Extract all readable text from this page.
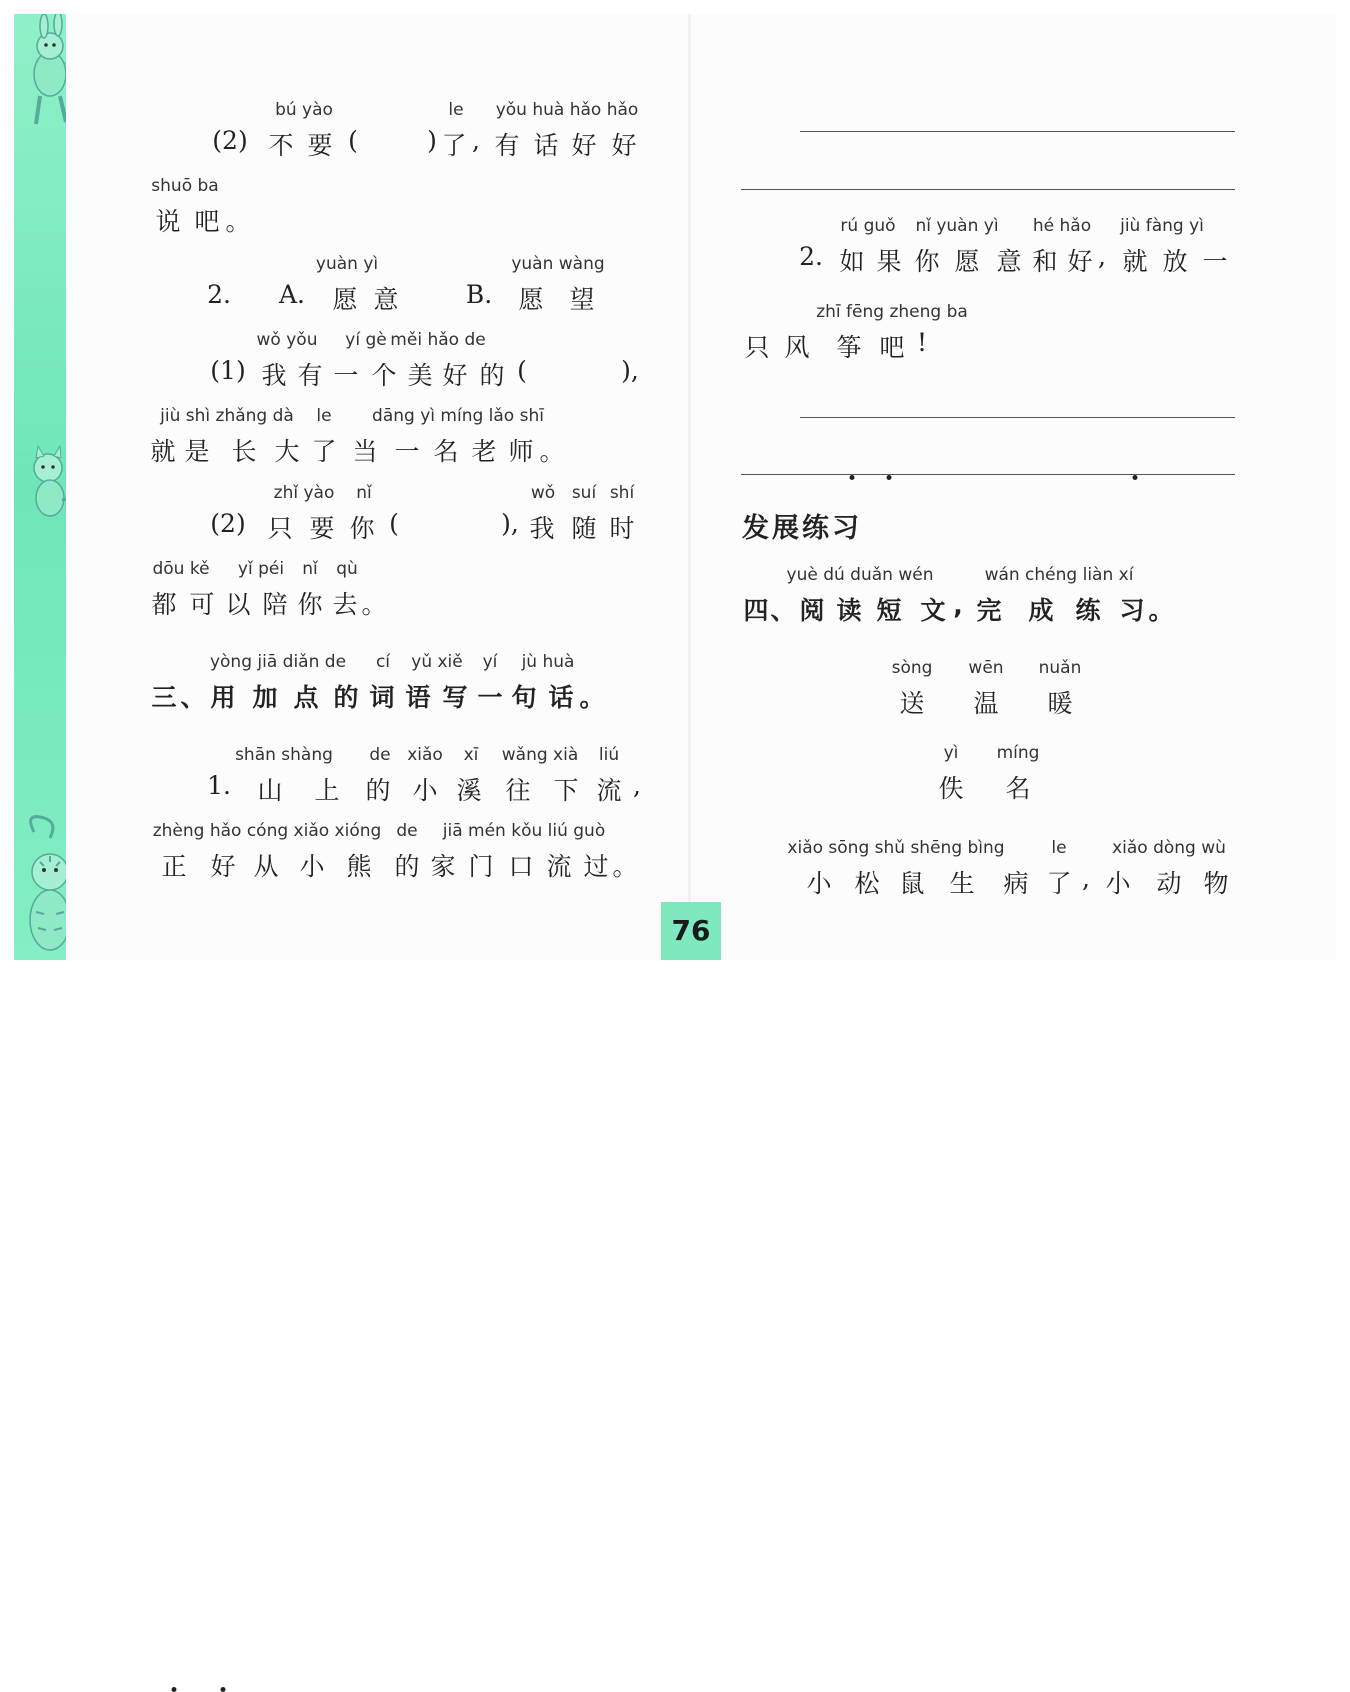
bú yào	le yǒu huà hǎo hǎo
(2) 不 要 (	) 了 , 有 话 好 好
shuō ba
说 吧 。
yuàn yì	yuàn wàng
2. A. 愿 意	B. 愿 望
wǒ yǒu yí gè měi hǎo de
(1) 我 有 一 个 美 好 的 (	),
jiù shì zhǎng dà le dāng yì míng lǎo shī
就 是 长 大 了 当 一 名 老 师 。
zhǐ yào nǐ	wǒ suí shí
(2) 只 要 你 (	), 我 随 时
dōu kě yǐ péi nǐ qù
都 可 以 陪 你 去 。
yòng jiā diǎn de cí yǔ xiě yí jù huà
三 、 用 加 点 的 词 语 写 一 句 话 。
shān shàng de xiǎo xī wǎng xià liú
1. 山 上 的 小 溪 往 下 流 ,
zhèng hǎo cóng xiǎo xióng de jiā mén kǒu liú guò
正 好 从 小 熊 的 家 门 口 流 过 。
rú guǒ nǐ yuàn yì hé hǎo jiù fàng yì
2. 如 果 你 愿 意 和 好 , 就 放 一
zhī fēng zheng ba
只 风 筝 吧 !
发展练习
yuè dú duǎn wén	wán chéng liàn xí
四 、 阅 读 短 文 , 完 成 练 习 。
sòng wēn nuǎn
送 温 暖
yì míng
佚 名
xiǎo sōng shǔ shēng bìng	le	xiǎo dòng wù
小 松 鼠 生 病 了 , 小 动 物
76
